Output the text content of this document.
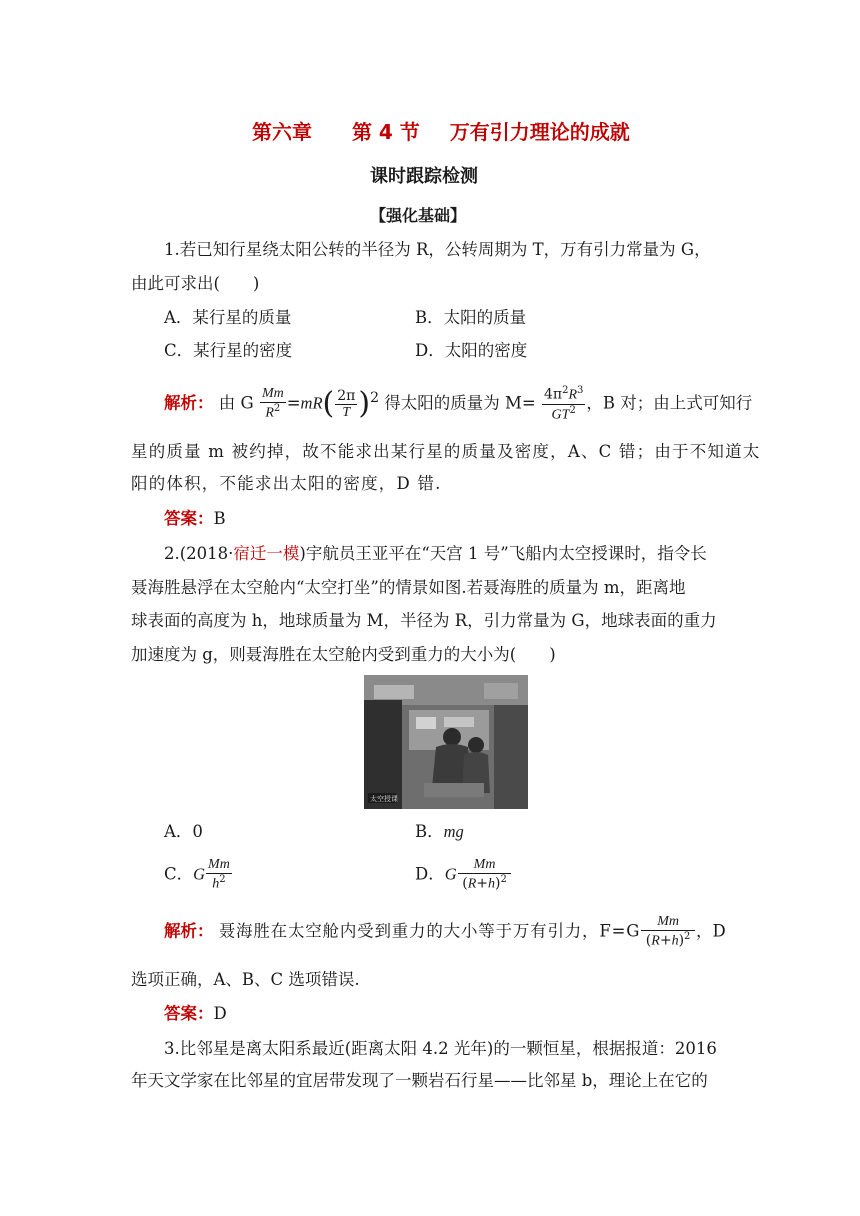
第六章 第 4 节 万有引力理论的成就
课时跟踪检测
【强化基础】
1.若已知行星绕太阳公转的半径为 R，公转周期为 T，万有引力常量为 G，
由此可求出(　　)
A．某行星的质量	B．太阳的质量
C．某行星的密度	D．太阳的密度
解析： 由 G $\frac{Mm}{R^2} =mR( \frac{2\pi}{T} )^2$ 得太阳的质量为 $M= \frac{4\pi^2R^3}{GT^2}$ ，B 对；由上式可知行
星的质量 m 被约掉，故不能求出某行星的质量及密度，A、C 错；由于不知道太
阳的体积，不能求出太阳的密度，D 错.
答案：B
2.(2018·宿迁一模)宇航员王亚平在“天宫 1 号”飞船内太空授课时，指令长
聂海胜悬浮在太空舱内“太空打坐”的情景如图.若聂海胜的质量为 m，距离地
球表面的高度为 h，地球质量为 M，半径为 R，引力常量为 G，地球表面的重力
加速度为 g，则聂海胜在太空舱内受到重力的大小为(　　)
太空授课
A．0	B．mg
C．G $\frac{Mm}{h^2}$	D．G $\frac{Mm}{(R+h)^2}$
解析： 聂海胜在太空舱内受到重力的大小等于万有引力，$F=G \frac{Mm}{(R+h)^2}$ ，D
选项正确，A、B、C 选项错误.
答案：D
3.比邻星是离太阳系最近(距离太阳 4.2 光年)的一颗恒星，根据报道：2016
年天文学家在比邻星的宜居带发现了一颗岩石行星——比邻星 b，理论上在它的
